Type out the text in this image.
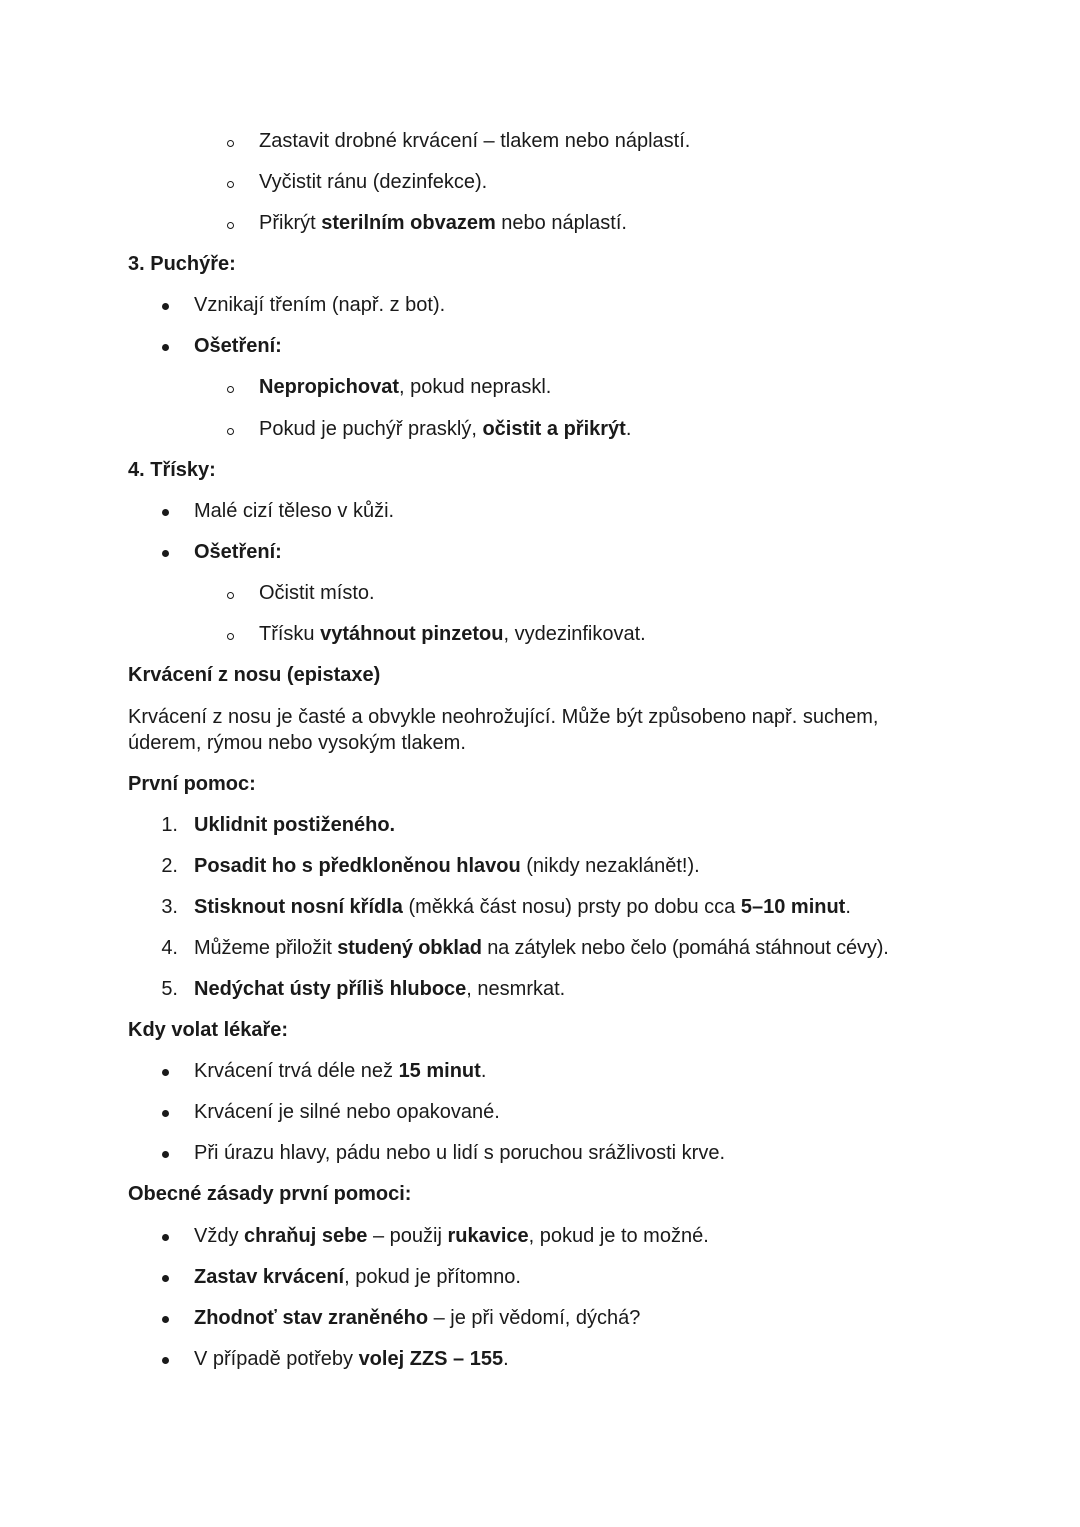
Zastavit drobné krvácení – tlakem nebo náplastí.
Vyčistit ránu (dezinfekce).
Přikrýt sterilním obvazem nebo náplastí.
3. Puchýře:
Vznikají třením (např. z bot).
Ošetření:
Nepropichovat, pokud nepraskl.
Pokud je puchýř prasklý, očistit a přikrýt.
4. Třísky:
Malé cizí těleso v kůži.
Ošetření:
Očistit místo.
Třísku vytáhnout pinzetou, vydezinfikovat.
Krvácení z nosu (epistaxe)
Krvácení z nosu je časté a obvykle neohrožující. Může být způsobeno např. suchem,
úderem, rýmou nebo vysokým tlakem.
První pomoc:
1. Uklidnit postiženého.
2. Posadit ho s předkloněnou hlavou (nikdy nezaklánět!).
3. Stisknout nosní křídla (měkká část nosu) prsty po dobu cca 5–10 minut.
4. Můžeme přiložit studený obklad na zátylek nebo čelo (pomáhá stáhnout cévy).
5. Nedýchat ústy příliš hluboce, nesmrkat.
Kdy volat lékaře:
Krvácení trvá déle než 15 minut.
Krvácení je silné nebo opakované.
Při úrazu hlavy, pádu nebo u lidí s poruchou srážlivosti krve.
Obecné zásady první pomoci:
Vždy chraňuj sebe – použij rukavice, pokud je to možné.
Zastav krvácení, pokud je přítomno.
Zhodnoť stav zraněného – je při vědomí, dýchá?
V případě potřeby volej ZZS – 155.
